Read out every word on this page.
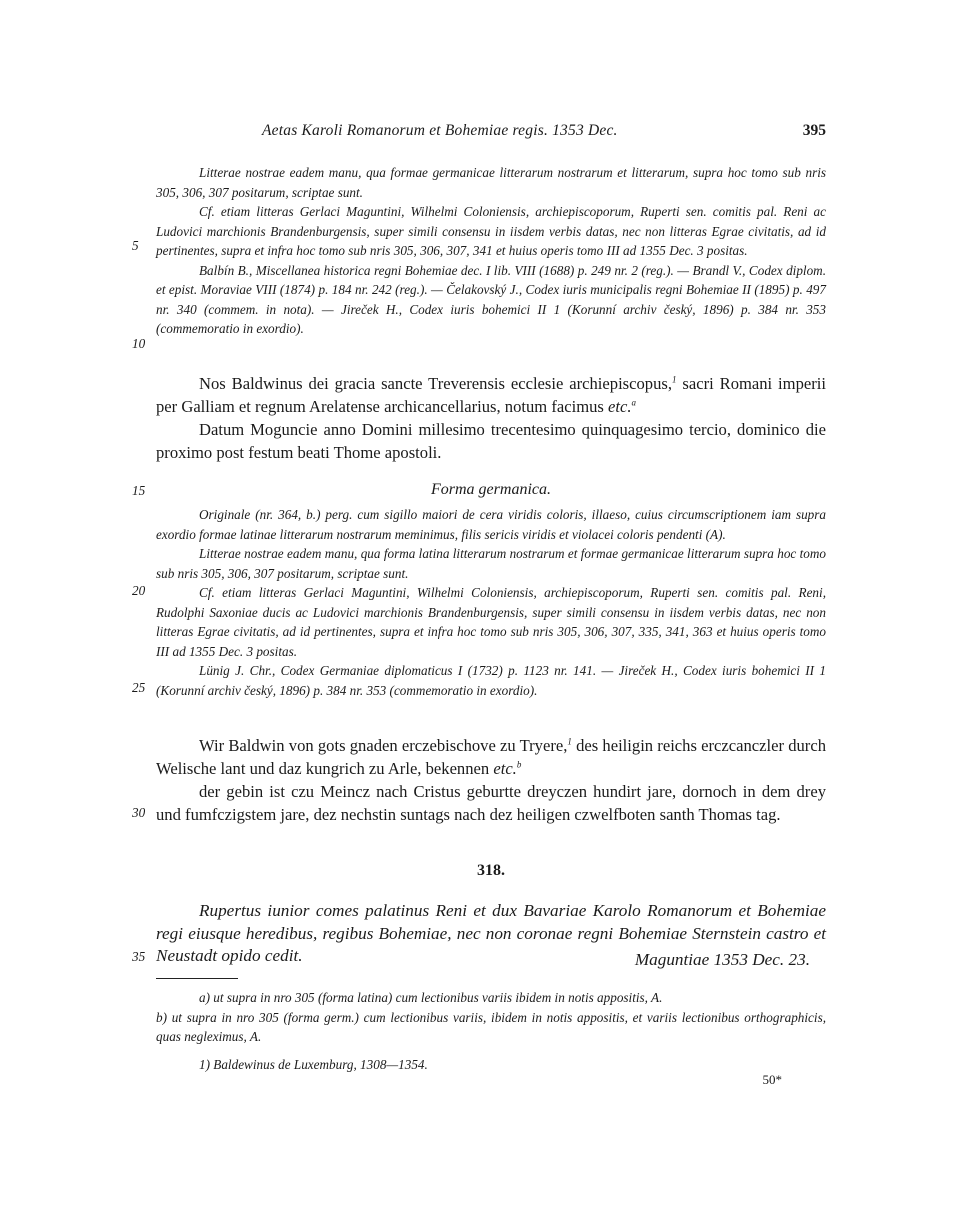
Aetas Karoli Romanorum et Bohemiae regis. 1353 Dec.	395

Litterae nostrae eadem manu, qua formae germanicae litterarum nostrarum et litterarum, supra hoc tomo sub nris 305, 306, 307 positarum, scriptae sunt.

Cf. etiam litteras Gerlaci Maguntini, Wilhelmi Coloniensis, archiepiscoporum, Ruperti sen. comitis pal. Reni ac Ludovici marchionis Brandenburgensis, super simili consensu in iisdem verbis datas, nec non litteras Egrae civitatis, ad id pertinentes, supra et infra hoc tomo sub nris 305, 306, 307, 341 et huius operis tomo III ad 1355 Dec. 3 positas.

Balbín B., Miscellanea historica regni Bohemiae dec. I lib. VIII (1688) p. 249 nr. 2 (reg.). — Brandl V., Codex diplom. et epist. Moraviae VIII (1874) p. 184 nr. 242 (reg.). — Čelakovský J., Codex iuris municipalis regni Bohemiae II (1895) p. 497 nr. 340 (commem. in nota). — Jireček H., Codex iuris bohemici II 1 (Korunní archiv český, 1896) p. 384 nr. 353 (commemoratio in exordio).

5
10

Nos Baldwinus dei gracia sancte Treverensis ecclesie archiepiscopus,$^1$ sacri Romani imperii per Galliam et regnum Arelatense archicancellarius, notum facimus etc.$^a$

Datum Moguncie anno Domini millesimo trecentesimo quinquagesimo tercio, dominico die proximo post festum beati Thome apostoli.

Forma germanica.
15

Originale (nr. 364, b.) perg. cum sigillo maiori de cera viridis coloris, illaeso, cuius circumscriptionem iam supra exordio formae latinae litterarum nostrarum meminimus, filis sericis viridis et violacei coloris pendenti (A).

Litterae nostrae eadem manu, qua forma latina litterarum nostrarum et formae germanicae litterarum supra hoc tomo sub nris 305, 306, 307 positarum, scriptae sunt.

Cf. etiam litteras Gerlaci Maguntini, Wilhelmi Coloniensis, archiepiscoporum, Ruperti sen. comitis pal. Reni, Rudolphi Saxoniae ducis ac Ludovici marchionis Brandenburgensis, super simili consensu in iisdem verbis datas, nec non litteras Egrae civitatis, ad id pertinentes, supra et infra hoc tomo sub nris 305, 306, 307, 335, 341, 363 et huius operis tomo III ad 1355 Dec. 3 positas.

Lünig J. Chr., Codex Germaniae diplomaticus I (1732) p. 1123 nr. 141. — Jireček H., Codex iuris bohemici II 1 (Korunní archiv český, 1896) p. 384 nr. 353 (commemoratio in exordio).

20
25

Wir Baldwin von gots gnaden erczebischove zu Tryere,$^1$ des heiligin reichs erczcanczler durch Welische lant und daz kungrich zu Arle, bekennen etc.$^b$

der gebin ist czu Meincz nach Cristus geburtte dreyczen hundirt jare, dornoch in dem drey und fumfczigstem jare, dez nechstin suntags nach dez heiligen czwelfboten santh Thomas tag.

30
318.

Rupertus iunior comes palatinus Reni et dux Bavariae Karolo Romanorum et Bohemiae regi eiusque heredibus, regibus Bohemiae, nec non coronae regni Bohemiae Sternstein castro et Neustadt opido cedit.	Maguntiae 1353 Dec. 23.
35

a) ut supra in nro 305 (forma latina) cum lectionibus variis ibidem in notis appositis, A.

b) ut supra in nro 305 (forma germ.) cum lectionibus variis, ibidem in notis appositis, et variis lectionibus orthographicis, quas neglеximus, A.

1) Baldewinus de Luxemburg, 1308—1354.

50*
